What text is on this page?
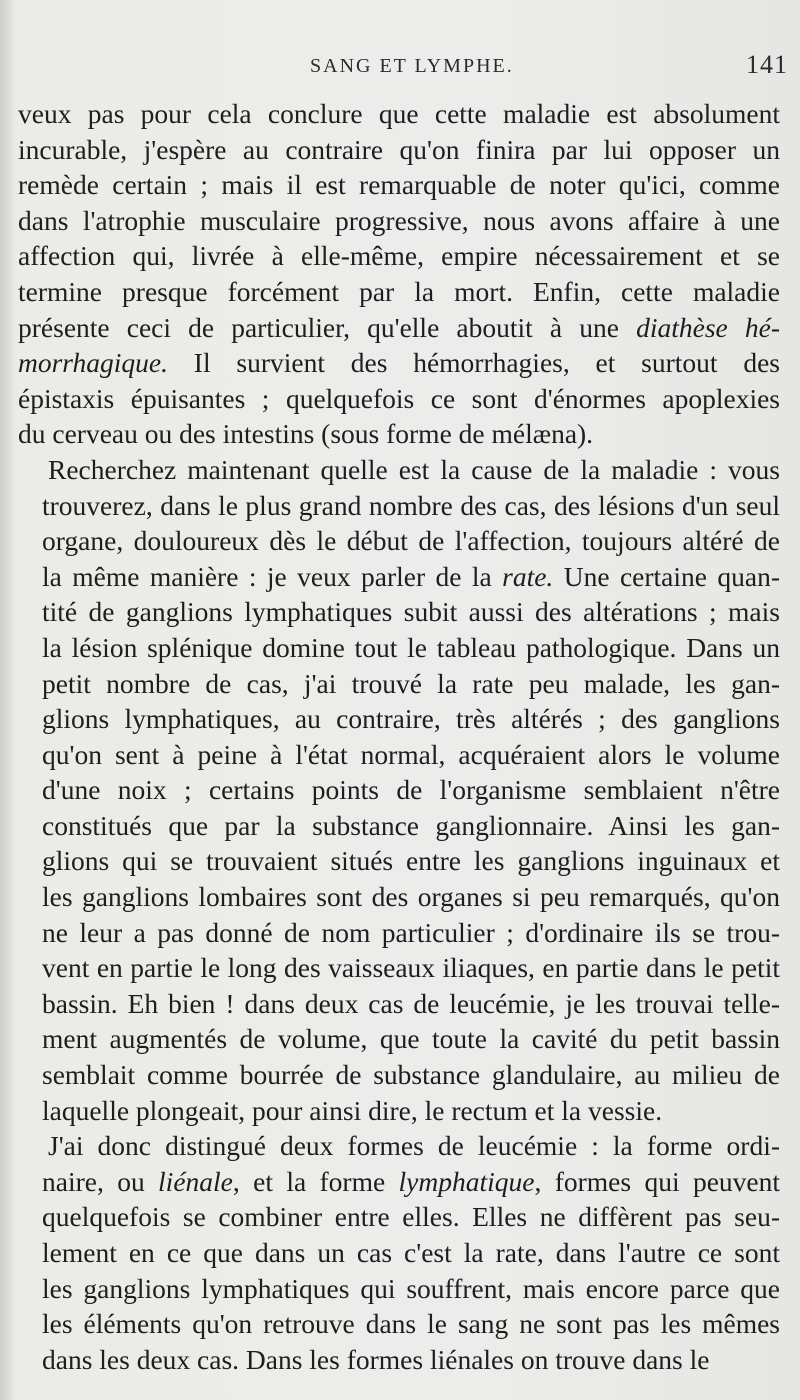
SANG ET LYMPHE.	141
veux pas pour cela conclure que cette maladie est absolument
incurable, j'espère au contraire qu'on finira par lui opposer un
remède certain ; mais il est remarquable de noter qu'ici, comme
dans l'atrophie musculaire progressive, nous avons affaire à une
affection qui, livrée à elle-même, empire nécessairement et se
termine presque forcément par la mort. Enfin, cette maladie
présente ceci de particulier, qu'elle aboutit à une diathèse hé-
morrhagique. Il survient des hémorrhagies, et surtout des
épistaxis épuisantes ; quelquefois ce sont d'énormes apoplexies
du cerveau ou des intestins (sous forme de mélæna).
Recherchez maintenant quelle est la cause de la maladie : vous
trouverez, dans le plus grand nombre des cas, des lésions d'un seul
organe, douloureux dès le début de l'affection, toujours altéré de
la même manière : je veux parler de la rate. Une certaine quan-
tité de ganglions lymphatiques subit aussi des altérations ; mais
la lésion splénique domine tout le tableau pathologique. Dans un
petit nombre de cas, j'ai trouvé la rate peu malade, les gan-
glions lymphatiques, au contraire, très altérés ; des ganglions
qu'on sent à peine à l'état normal, acquéraient alors le volume
d'une noix ; certains points de l'organisme semblaient n'être
constitués que par la substance ganglionnaire. Ainsi les gan-
glions qui se trouvaient situés entre les ganglions inguinaux et
les ganglions lombaires sont des organes si peu remarqués, qu'on
ne leur a pas donné de nom particulier ; d'ordinaire ils se trou-
vent en partie le long des vaisseaux iliaques, en partie dans le petit
bassin. Eh bien ! dans deux cas de leucémie, je les trouvai telle-
ment augmentés de volume, que toute la cavité du petit bassin
semblait comme bourrée de substance glandulaire, au milieu de
laquelle plongeait, pour ainsi dire, le rectum et la vessie.
J'ai donc distingué deux formes de leucémie : la forme ordi-
naire, ou liénale, et la forme lymphatique, formes qui peuvent
quelquefois se combiner entre elles. Elles ne diffèrent pas seu-
lement en ce que dans un cas c'est la rate, dans l'autre ce sont
les ganglions lymphatiques qui souffrent, mais encore parce que
les éléments qu'on retrouve dans le sang ne sont pas les mêmes
dans les deux cas. Dans les formes liénales on trouve dans le
